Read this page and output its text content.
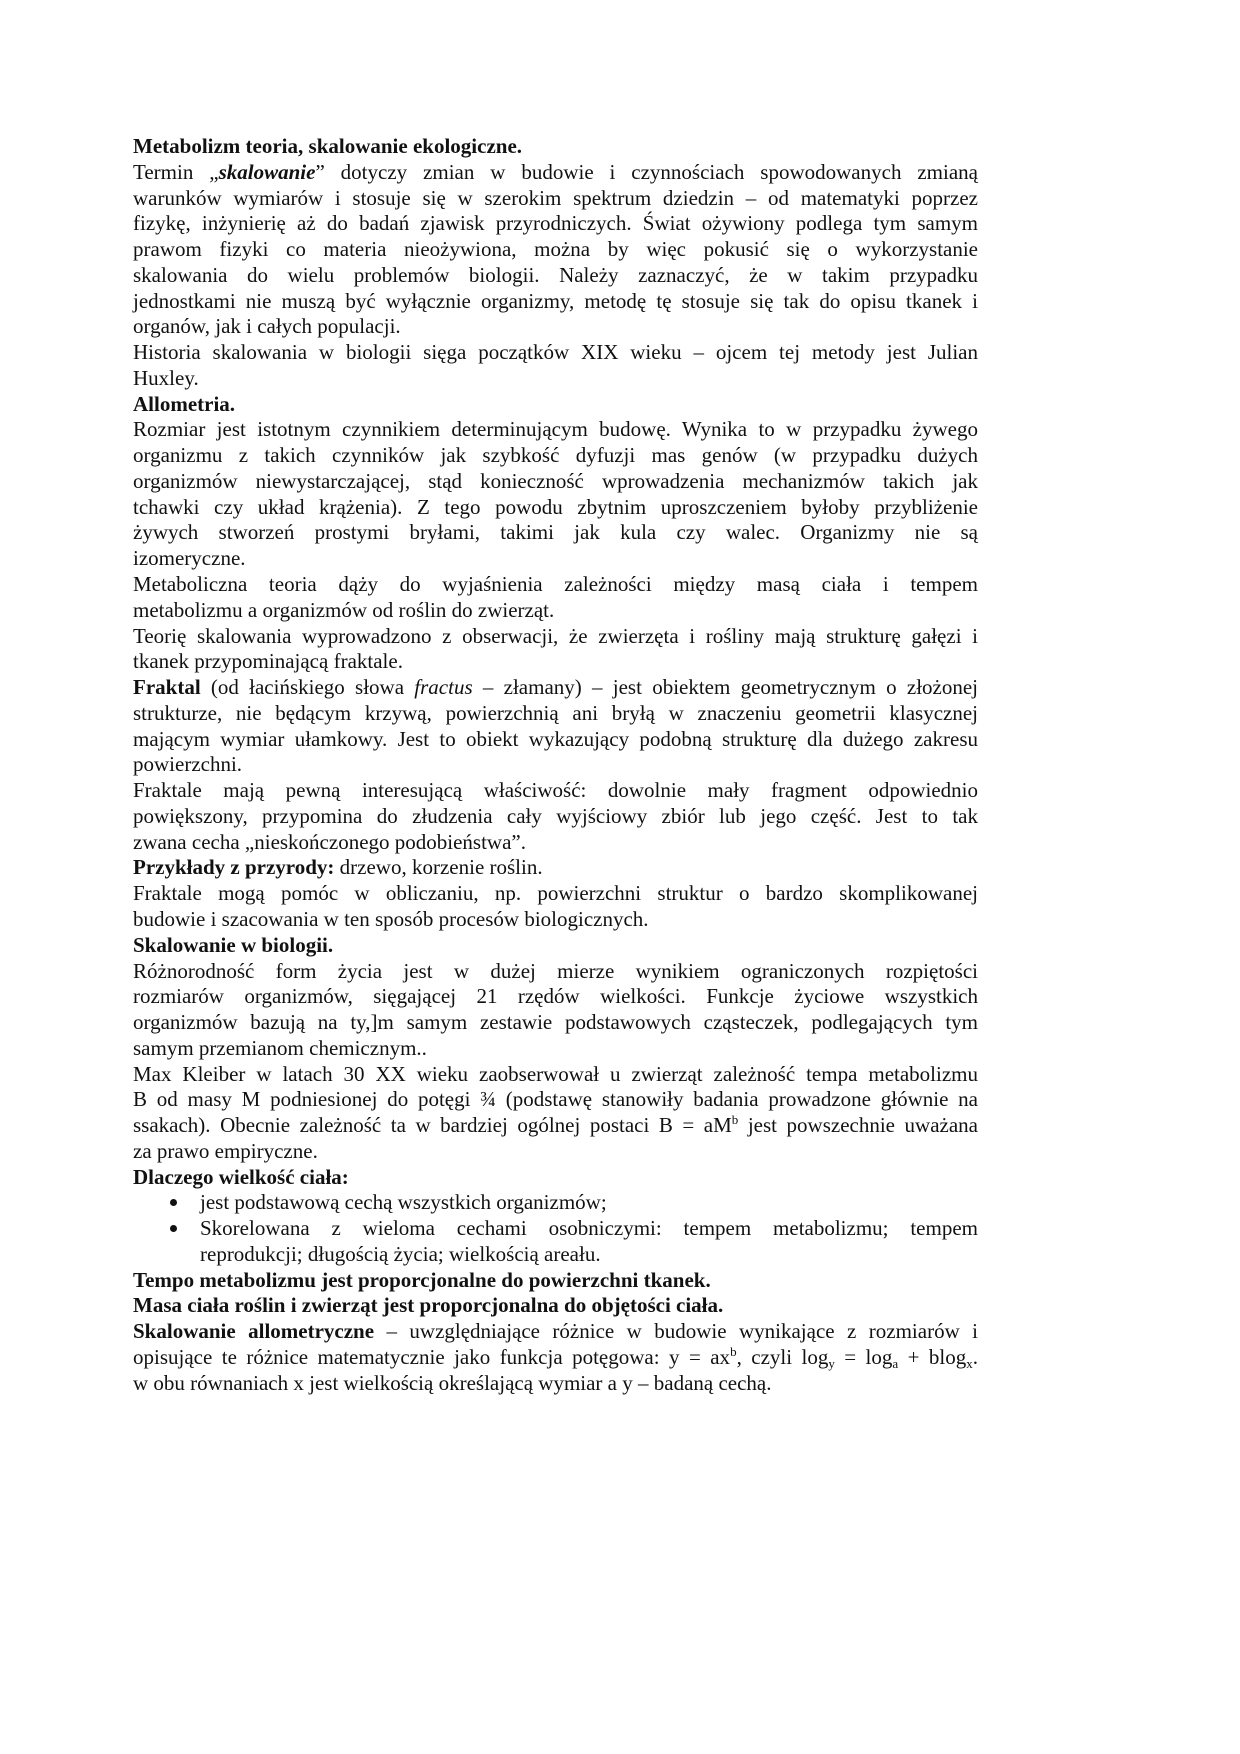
Metabolizm teoria, skalowanie ekologiczne.
Termin „skalowanie” dotyczy zmian w budowie i czynnościach spowodowanych zmianą
warunków wymiarów i stosuje się w szerokim spektrum dziedzin – od matematyki poprzez
fizykę, inżynierię aż do badań zjawisk przyrodniczych. Świat ożywiony podlega tym samym
prawom fizyki co materia nieożywiona, można by więc pokusić się o wykorzystanie
skalowania do wielu problemów biologii. Należy zaznaczyć, że w takim przypadku
jednostkami nie muszą być wyłącznie organizmy, metodę tę stosuje się tak do opisu tkanek i
organów, jak i całych populacji.
Historia skalowania w biologii sięga początków XIX wieku – ojcem tej metody jest Julian
Huxley.
Allometria.
Rozmiar jest istotnym czynnikiem determinującym budowę. Wynika to w przypadku żywego
organizmu z takich czynników jak szybkość dyfuzji mas genów (w przypadku dużych
organizmów niewystarczającej, stąd konieczność wprowadzenia mechanizmów takich jak
tchawki czy układ krążenia). Z tego powodu zbytnim uproszczeniem byłoby przybliżenie
żywych stworzeń prostymi bryłami, takimi jak kula czy walec. Organizmy nie są
izomeryczne.
Metaboliczna teoria dąży do wyjaśnienia zależności między masą ciała i tempem
metabolizmu a organizmów od roślin do zwierząt.
Teorię skalowania wyprowadzono z obserwacji, że zwierzęta i rośliny mają strukturę gałęzi i
tkanek przypominającą fraktale.
Fraktal (od łacińskiego słowa fractus – złamany) – jest obiektem geometrycznym o złożonej
strukturze, nie będącym krzywą, powierzchnią ani bryłą w znaczeniu geometrii klasycznej
mającym wymiar ułamkowy. Jest to obiekt wykazujący podobną strukturę dla dużego zakresu
powierzchni.
Fraktale mają pewną interesującą właściwość: dowolnie mały fragment odpowiednio
powiększony, przypomina do złudzenia cały wyjściowy zbiór lub jego część. Jest to tak
zwana cecha „nieskończonego podobieństwa”.
Przykłady z przyrody: drzewo, korzenie roślin.
Fraktale mogą pomóc w obliczaniu, np. powierzchni struktur o bardzo skomplikowanej
budowie i szacowania w ten sposób procesów biologicznych.
Skalowanie w biologii.
Różnorodność form życia jest w dużej mierze wynikiem ograniczonych rozpiętości
rozmiarów organizmów, sięgającej 21 rzędów wielkości. Funkcje życiowe wszystkich
organizmów bazują na ty,]m samym zestawie podstawowych cząsteczek, podlegających tym
samym przemianom chemicznym..
Max Kleiber w latach 30 XX wieku zaobserwował u zwierząt zależność tempa metabolizmu
B od masy M podniesionej do potęgi ¾ (podstawę stanowiły badania prowadzone głównie na
ssakach). Obecnie zależność ta w bardziej ogólnej postaci $B = aM^b$ jest powszechnie uważana
za prawo empiryczne.
Dlaczego wielkość ciała:
jest podstawową cechą wszystkich organizmów;
Skorelowana z wieloma cechami osobniczymi: tempem metabolizmu; tempem
reprodukcji; długością życia; wielkością areału.
Tempo metabolizmu jest proporcjonalne do powierzchni tkanek.
Masa ciała roślin i zwierząt jest proporcjonalna do objętości ciała.
Skalowanie allometryczne – uwzględniające różnice w budowie wynikające z rozmiarów i
opisujące te różnice matematycznie jako funkcja potęgowa: $y = ax^b$, czyli $\log_y = \log_a + blog_x$.
w obu równaniach x jest wielkością określającą wymiar a y – badaną cechą.
